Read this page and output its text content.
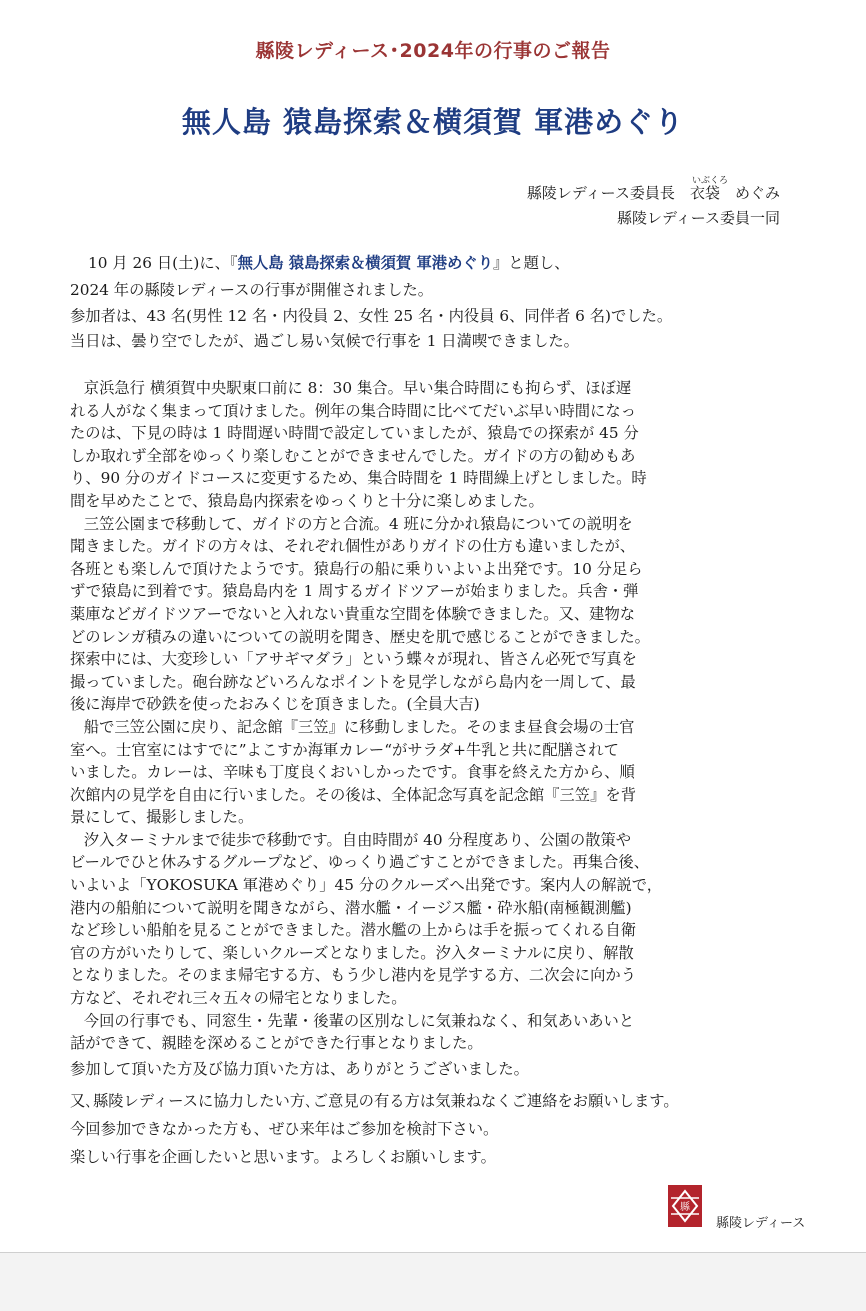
縣陵レディース･2024年の行事のご報告
無人島 猿島探索＆横須賀 軍港めぐり
縣陵レディース委員長　
いぶくろ
衣袋　 めぐみ
縣陵レディース委員一同

10 月 26 日(土)に、『無人島 猿島探索＆横須賀 軍港めぐり』と題し、

2024 年の縣陵レディースの行事が開催されました。

参加者は、43 名(男性 12 名・内役員 2、女性 25 名・内役員 6、同伴者 6 名)でした。

当日は、曇り空でしたが、過ごし易い気候で行事を 1 日満喫できました。

京浜急行 横須賀中央駅東口前に 8：30 集合。早い集合時間にも拘らず、ほぼ遅

れる人がなく集まって頂けました。例年の集合時間に比べてだいぶ早い時間になっ

たのは、下見の時は 1 時間遅い時間で設定していましたが、猿島での探索が 45 分

しか取れず全部をゆっくり楽しむことができませんでした。ガイドの方の勧めもあ

り、90 分のガイドコースに変更するため、集合時間を 1 時間繰上げとしました。時

間を早めたことで、猿島島内探索をゆっくりと十分に楽しめました。

三笠公園まで移動して、ガイドの方と合流。4 班に分かれ猿島についての説明を

聞きました。ガイドの方々は、それぞれ個性がありガイドの仕方も違いましたが、

各班とも楽しんで頂けたようです。猿島行の船に乗りいよいよ出発です。10 分足ら

ずで猿島に到着です。猿島島内を 1 周するガイドツアーが始まりました。兵舎・弾

薬庫などガイドツアーでないと入れない貴重な空間を体験できました。又、建物な

どのレンガ積みの違いについての説明を聞き、歴史を肌で感じることができました。

探索中には、大変珍しい「アサギマダラ」という蝶々が現れ、皆さん必死で写真を

撮っていました。砲台跡などいろんなポイントを見学しながら島内を一周して、最

後に海岸で砂鉄を使ったおみくじを頂きました。(全員大吉)

船で三笠公園に戻り、記念館『三笠』に移動しました。そのまま昼食会場の士官

室へ。士官室にはすでに”よこすか海軍カレー“がサラダ+牛乳と共に配膳されて

いました。カレーは、辛味も丁度良くおいしかったです。食事を終えた方から、順

次館内の見学を自由に行いました。その後は、全体記念写真を記念館『三笠』を背

景にして、撮影しました。

汐入ターミナルまで徒歩で移動です。自由時間が 40 分程度あり、公園の散策や

ビールでひと休みするグループなど、ゆっくり過ごすことができました。再集合後、

いよいよ「YOKOSUKA 軍港めぐり」45 分のクルーズへ出発です。案内人の解説で，

港内の船舶について説明を聞きながら、潜水艦・イージス艦・砕氷船(南極観測艦)

など珍しい船舶を見ることができました。潜水艦の上からは手を振ってくれる自衛

官の方がいたりして、楽しいクルーズとなりました。汐入ターミナルに戻り、解散

となりました。そのまま帰宅する方、もう少し港内を見学する方、二次会に向かう

方など、それぞれ三々五々の帰宅となりました。

今回の行事でも、同窓生・先輩・後輩の区別なしに気兼ねなく、和気あいあいと

話ができて、親睦を深めることができた行事となりました。

参加して頂いた方及び協力頂いた方は、ありがとうございました。

又､縣陵レディースに協力したい方､ご意見の有る方は気兼ねなくご連絡をお願いします。

今回参加できなかった方も、ぜひ来年はご参加を検討下さい。

楽しい行事を企画したいと思います。よろしくお願いします。

縣
縣陵レディース
